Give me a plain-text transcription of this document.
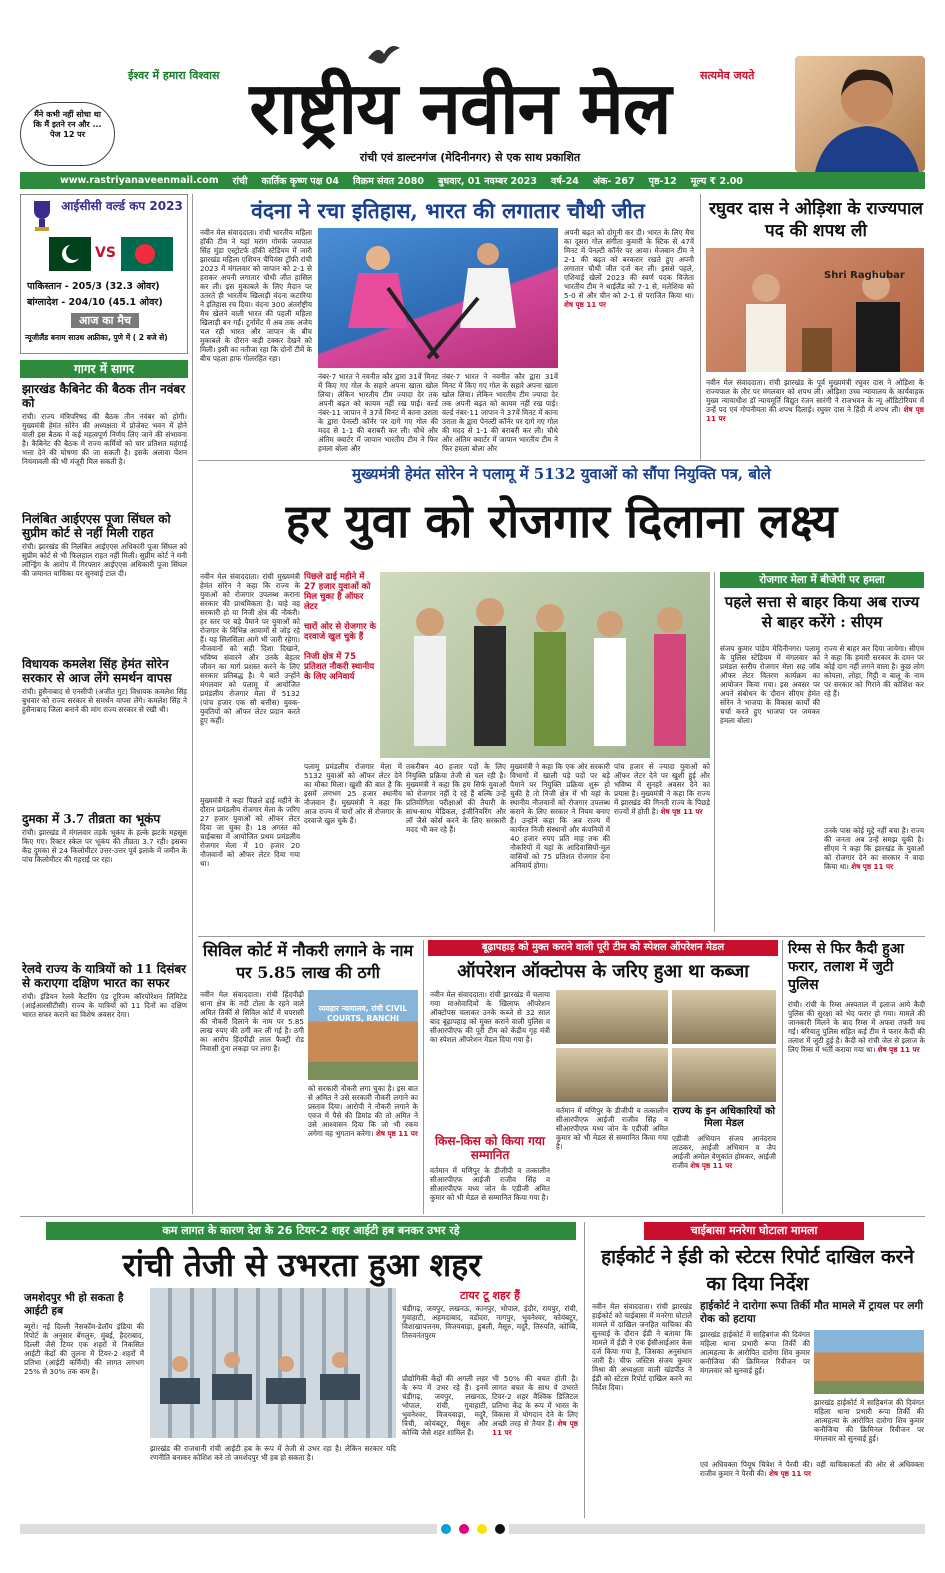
मैंने कभी नहीं सोचा था कि मैं इतने रन और ... पेज 12 पर
ईश्वर में हमारा विश्वास	सत्यमेव जयते
राष्ट्रीय नवीन मेल
रांची एवं डाल्टनगंज (मेदिनीनगर) से एक साथ प्रकाशित
www.rastriyanaveenmail.com रांची कार्तिक कृष्ण पक्ष 04 विक्रम संवत 2080 बुधवार, 01 नवम्बर 2023 वर्ष-24 अंक- 267 पृष्ठ-12 मूल्य ₹ 2.00
आईसीसी वर्ल्ड कप 2023
VS
पाकिस्तान - 205/3 (32.3 ओवर)
बांग्लादेश - 204/10 (45.1 ओवर)
आज का मैच
न्यूजीलैंड बनाम साउथ अफ्रीका, पुणे में ( 2 बजे से)
गागर में सागर
झारखंड कैबिनेट की बैठक तीन नवंबर को
रांची। राज्य मंत्रिपरिषद की बैठक तीन नवंबर को होगी। मुख्यमंत्री हेमंत सोरेन की अध्यक्षता में प्रोजेक्ट भवन में होने वाली इस बैठक में कई महत्वपूर्ण निर्णय लिए जाने की संभावना है। कैबिनेट की बैठक में राज्य कर्मियों को चार प्रतिशत महंगाई भत्ता देने की घोषणा की जा सकती है। इसके अलावा पेंशन नियमावली की भी मंजूरी मिल सकती है।
निलंबित आईएएस पूजा सिंघल को सुप्रीम कोर्ट से नहीं मिली राहत
रांची। झारखंड की निलंबित आईएएस अधिकारी पूजा सिंघल को सुप्रीम कोर्ट से भी फिलहाल राहत नहीं मिली। सुप्रीम कोर्ट ने मनी लॉन्ड्रिंग के आरोप में गिरफ्तार आईएएस अधिकारी पूजा सिंघल की जमानत याचिका पर सुनवाई टाल दी।
विधायक कमलेश सिंह हेमंत सोरेन सरकार से आज लेंगे समर्थन वापस
रांची। हुसैनाबाद से एनसीपी (अजीत गुट) विधायक कमलेश सिंह बुधवार को राज्य सरकार से समर्थन वापस लेंगे। कमलेश सिंह ने हुसैनाबाद जिला बनाने की मांग राज्य सरकार से रखी थी।
दुमका में 3.7 तीव्रता का भूकंप
रांची। झारखंड में मंगलवार तड़के भूकंप के हल्के झटके महसूस किए गए। रिक्टर स्केल पर भूकंप की तीव्रता 3.7 रही। इसका केंद्र दुमका से 24 किलोमीटर उत्तर-उत्तर पूर्व इलाके में जमीन के पांच किलोमीटर की गहराई पर रहा।
रेलवे राज्य के यात्रियों को 11 दिसंबर से कराएगा दक्षिण भारत का सफर
रांची। इंडियन रेलवे कैटरिंग एंड टूरिज्म कॉरपोरेशन लिमिटेड (आईआरसीटीसी) राज्य के यात्रियों को 11 दिनों का दक्षिण भारत सफर कराने का विशेष अवसर देगा।
वंदना ने रचा इतिहास, भारत की लगातार चौथी जीत
नवीन मेल संवाददाता। रांची भारतीय महिला हॉकी टीम ने यहां मरांग गोमके जयपाल सिंह मुंडा एस्ट्रोटर्फ हॉकी स्टेडियम में जारी झारखंड महिला एशियन चैंपियंस ट्रॉफी रांची 2023 में मंगलवार को जापान को 2-1 से हराकर अपनी लगातार चौथी जीत हासिल कर ली। इस मुकाबले के लिए मैदान पर उतरते ही भारतीय खिलाड़ी वंदना कटारिया ने इतिहास रच दिया। वंदना 300 अंतर्राष्ट्रीय मैच खेलने वाली भारत की पहली महिला खिलाड़ी बन गईं। टूर्नामेंट में अब तक अजेय चल रही भारत और जापान के बीच मुकाबले के दौरान कड़ी टक्कर देखने को मिली। इसी का नतीजा रहा कि दोनों टीमें के बीच पहला हाफ गोलरहित रहा।
नंबर-7 भारत ने नवनीत कौर द्वारा 31वें मिनट में किए गए गोल के सहारे अपना खाता खोल लिया। लेकिन भारतीय टीम ज्यादा देर तक अपनी बढ़त को कायम नहीं रख पाई। वर्ल्ड नंबर-11 जापान ने 37वें मिनट में काना उराता के द्वारा पेनल्टी कॉर्नर पर दागे गए गोल की मदद से 1-1 की बराबरी कर ली। चौथे और अंतिम क्वार्टर में जापान भारतीय टीम ने फिर हमला बोला और
नंबर-7 भारत ने नवनीत कौर द्वारा 31वें मिनट में किए गए गोल के सहारे अपना खाता खोल लिया। लेकिन भारतीय टीम ज्यादा देर तक अपनी बढ़त को कायम नहीं रख पाई। वर्ल्ड नंबर-11 जापान ने 37वें मिनट में काना उराता के द्वारा पेनल्टी कॉर्नर पर दागे गए गोल की मदद से 1-1 की बराबरी कर ली। चौथे और अंतिम क्वार्टर में जापान भारतीय टीम ने फिर हमला बोला और
अपनी बढ़त को दोगुनी कर दी। भारत के लिए मैच का दूसरा गोल संगीता कुमारी के स्टिक से 47वें मिनट में पेनल्टी कॉर्नर पर आया। मेजबान टीम ने 2-1 की बढ़त को बरकरार रखते हुए अपनी लगातार चौथी जीत दर्ज कर ली। इससे पहले, एशियाई खेलों 2023 की स्वर्ण पदक विजेता भारतीय टीम ने थाईलैंड को 7-1 से, मलेशिया को 5-0 से और चीन को 2-1 से पराजित किया था। शेष पृष्ठ 11 पर
रघुवर दास ने ओड़िशा के राज्यपाल पद की शपथ ली
Shri Raghubar
नवीन मेल संवाददाता। रांची झारखंड के पूर्व मुख्यमंत्री रघुवर दास ने ओड़िशा के राज्यपाल के तौर पर मंगलवार को शपथ ली। ओड़िशा उच्च न्यायालय के कार्यवाहक मुख्य न्यायाधीश डॉ न्यायमूर्ति विद्युत रंजन सारंगी ने राजभवन के न्यू ऑडिटोरियम में उन्हें पद एवं गोपनीयता की शपथ दिलाई। रघुवर दास ने हिंदी में शपथ ली। शेष पृष्ठ 11 पर
मुख्यमंत्री हेमंत सोरेन ने पलामू में 5132 युवाओं को सौंपा नियुक्ति पत्र, बोले
हर युवा को रोजगार दिलाना लक्ष्य
नवीन मेल संवाददाता। रांची मुख्यमंत्री हेमंत सोरेन ने कहा कि राज्य के युवाओं को रोजगार उपलब्ध कराना सरकार की प्राथमिकता है। चाहे वह सरकारी हो या निजी क्षेत्र की नौकरी। हर स्तर पर बड़े पैमाने पर युवाओं को रोजगार के विभिन्न आयामों से जोड़ रहे हैं। यह सिलसिला आगे भी जारी रहेगा। नौजवानों को सही दिशा दिखाने, भविष्य संवारने और उनके बेहतर जीवन का मार्ग प्रशस्त करने के लिए सरकार प्रतिबद्ध है। ये बातें उन्होंने मंगलवार को पलामू में आयोजित प्रमंडलीय रोजगार मेला में 5132 (पांच हजार एक सौ बत्तीस) युवक-युवतियों को ऑफर लेटर प्रदान करते हुए कहीं।
पिछले ढाई महीने में 27 हजार युवाओं को मिल चुका है ऑफर लेटर
चारों ओर से रोजगार के दरवाजे खुल चुके हैं
निजी क्षेत्र में 75 प्रतिशत नौकरी स्थानीय के लिए अनिवार्य
मुख्यमंत्री ने कहा पिछले ढाई महीने के दौरान प्रमंडलीय रोजगार मेला के जरिए 27 हजार युवाओं को ऑफर लेटर दिया जा चुका है। 18 अगस्त को चाईबासा में आयोजित प्रथम प्रमंडलीय रोजगार मेला में 10 हजार 20 नौजवानों को ऑफर लेटर दिया गया था।
पलामू प्रमंडलीय रोजगार मेला में 5132 युवाओं को ऑफर लेटर देने का मौका मिला। खुशी की बात है कि इसमें लगभग 25 हजार स्थानीय नौजवान हैं। मुख्यमंत्री ने कहा कि आज राज्य में चारों ओर से रोजगार के दरवाजे खुल चुके हैं।
तकरीबन 40 हजार पदों के लिए नियुक्ति प्रक्रिया तेजी से चल रही है। मुख्यमंत्री ने कहा कि हम सिर्फ युवाओं को रोजगार नहीं दे रहे हैं बल्कि उन्हें प्रतियोगिता परीक्षाओं की तैयारी के साथ-साथ मेडिकल, इंजीनियरिंग और लॉ जैसे कोर्स करने के लिए सरकारी मदद भी कर रहे हैं।
मुख्यमंत्री ने कहा कि एक ओर सरकारी विभागों में खाली पड़े पदों पर बड़े पैमाने पर नियुक्ति प्रक्रिया शुरू हो चुकी है तो निजी क्षेत्र में भी यहां के स्थानीय नौजवानों को रोजगार उपलब्ध कराने के लिए सरकार ने नियम बनाए हैं। उन्होंने कहा कि अब राज्य में कार्यरत निजी संस्थानों और कंपनियों में 40 हजार रुपए प्रति माह तक की नौकरियों में यहां के आदिवासियों-मूल वासियों को 75 प्रतिशत रोजगार देना अनिवार्य होगा।
पांच हजार से ज्यादा युवाओं को ऑफर लेटर देने पर खुशी हुई और भविष्य में सुनहरे अवसर देने का प्रयास है। मुख्यमंत्री ने कहा कि राज्य में झारखंड की गिनती राज्य के पिछड़े राज्यों में होती है। शेष पृष्ठ 11 पर
रोजगार मेला में बीजेपी पर हमला
पहले सत्ता से बाहर किया अब राज्य से बाहर करेंगे : सीएम
संजय कुमार पांडेय मेदिनीनगर। पलामू के पुलिस स्टेडियम में मंगलवार को प्रमंडल स्तरीय रोजगार मेला सह जॉब ऑफर लेटर वितरण कार्यक्रम का आयोजन किया गया। इस अवसर पर अपने संबोधन के दौरान सीएम हेमंत सोरेन ने भाजपा के विकास कार्यों की चर्चा करते हुए भाजपा पर जमकर हमला बोला।
राज्य से बाहर कर दिया जायेगा। सीएम ने कहा कि हमारी सरकार के दमन पर कोई दाग नहीं लगने वाला है। कुछ लोग कोयला, लोहा, गिट्टी व बालू के नाम पर सरकार को गिराने की कोशिश कर रहे हैं।
उनके पास कोई मुद्दे नहीं बचा है। राज्य की जनता अब उन्हें समझ चुकी है। सीएम ने कहा कि झारखंड के युवाओं को रोजगार देने का सरकार ने वादा किया था। शेष पृष्ठ 11 पर
सिविल कोर्ट में नौकरी लगाने के नाम पर 5.85 लाख की ठगी
नवीन मेल संवाददाता। रांची हिंदपीढ़ी थाना क्षेत्र के नदी टोला के रहने वाले अमित तिर्की से सिविल कोर्ट में चपरासी की नौकरी दिलाने के नाम पर 5.85 लाख रुपए की ठगी कर ली गई है। ठगी का आरोप हिंदपीढ़ी लाल फैक्ट्री रोड निवासी दुना लकड़ा पर लगा है।
व्यवहार न्यायालय, रांची CIVIL COURTS, RANCHI
को सरकारी नौकरी लगा चुका है। इस बात से अमित ने उसे सरकारी नौकरी लगाने का प्रस्ताव दिया। आरोपी ने नौकरी लगाने के एवज में पैसे की डिमांड की तो अमित ने उसे आश्वासन दिया कि जो भी रकम लगेगा वह भुगतान करेगा। शेष पृष्ठ 11 पर
बूढ़ापहाड़ को मुक्त कराने वाली पूरी टीम को स्पेशल ऑपरेशन मेडल
ऑपरेशन ऑक्टोपस के जरिए हुआ था कब्जा
नवीन मेल संवाददाता। रांची झारखंड में चलाया गया माओवादियों के खिलाफ ऑपरेशन ऑक्टोपस चलाकर उनके कब्जे से 32 साल बाद बूढ़ापहाड़ को मुक्त कराने वाली पुलिस व सीआरपीएफ की पूरी टीम को केंद्रीय गृह मंत्री का स्पेशल ऑपरेशन मेडल दिया गया है।
किस-किस को किया गया सम्मानित
वर्तमान में मणिपुर के डीजीपी व तत्कालीन सीआरपीएफ आईजी राजीव सिंह व सीआरपीएफ मध्य जोन के एडीजी अमित कुमार को भी मेडल से सम्मानित किया गया है।
राज्य के इन अधिकारियों को मिला मेडल
वर्तमान में मणिपुर के डीजीपी व तत्कालीन सीआरपीएफ आईजी राजीव सिंह व सीआरपीएफ मध्य जोन के एडीजी अमित कुमार को भी मेडल से सम्मानित किया गया है।
एडीजी अभियान संजय आनंदराव लाठकर, आईजी अभियान व जैप आईजी अमोल वेणुकांत होमकर, आईजी राजीव शेष पृष्ठ 11 पर
रिम्स से फिर कैदी हुआ फरार, तलाश में जुटी पुलिस
रांची। रांची के रिम्स अस्पताल में इलाज आये कैदी पुलिस की सुरक्षा को भेद फरार हो गया। मामले की जानकारी मिलने के बाद रिम्स में अफरा तफरी मच गई। बरियातु पुलिस सहित कई टीम ने फरार कैदी की तलाश में जुटी हुई है। कैदी को रांची जेल से इलाज के लिए रिम्स में भर्ती कराया गया था। शेष पृष्ठ 11 पर
कम लागत के कारण देश के 26 टियर-2 शहर आईटी हब बनकर उभर रहे
रांची तेजी से उभरता हुआ शहर
जमशेदपुर भी हो सकता है आईटी हब
ब्यूरो। नई दिल्ली नैसकॉम-डेलॉय इंडिया की रिपोर्ट के अनुसार बेंगलुरु, मुंबई, हैदराबाद, दिल्ली जैसे टियर एक शहरों में निकसित आईटी केंद्रों की तुलना में टियर-2 शहरों में प्रतिभा (आईटी कर्मियों) की लागत लगभग 25% से 30% तक कम है।
टायर टू शहर हैं
चंडीगढ़, जयपुर, लखनऊ, कानपुर, भोपाल, इंदौर, रायपुर, रांची, गुवाहाटी, अहमदाबाद, वडोदरा, नागपुर, भुवनेश्वर, कोयंबटूर, विशाखापत्तनम, विजयवाड़ा, हुबली, मैसूरु, मदुरै, तिरुपति, कोच्चि, तिरुवनंतपुरम
प्रौद्योगिकी केंद्रों की अगली लहर के रूप में उभर रहे हैं। इनमें चंडीगढ़, जयपुर, लखनऊ, भोपाल, रांची, गुवाहाटी, भुवनेश्वर, विजयवाड़ा, मदुरै, त्रिची, कोयंबटूर, मैसूरु और कोच्चि जैसे शहर शामिल हैं।
भी 50% की बचत होती है। लागत बचत के साथ ये उभरते टियर-2 शहर वैश्विक डिजिटल प्रतिभा केंद्र के रूप में भारत के विकास में योगदान देने के लिए अच्छी तरह से तैयार हैं। शेष पृष्ठ 11 पर
झारखंड की राजधानी रांची आईटी हब के रूप में तेजी से उभर रहा है। लेकिन सरकार यदि रणनीति बनाकर कोशिश करे तो जमशेदपुर भी हब हो सकता है।
चाईबासा मनरेगा घोटाला मामला
हाईकोर्ट ने ईडी को स्टेटस रिपोर्ट दाखिल करने का दिया निर्देश
नवीन मेल संवाददाता। रांची झारखंड हाईकोर्ट को चाईबासा में मनरेगा घोटाले मामले में दाखिल जनहित याचिका की सुनवाई के दौरान ईडी ने बताया कि मामले में ईडी ने एक ईसीआईआर केस दर्ज किया गया है, जिसका अनुसंधान जारी है। चीफ जस्टिस संजय कुमार मिश्रा की अध्यक्षता वाली खंडपीठ ने ईडी को स्टेटस रिपोर्ट दाखिल करने का निर्देश दिया।
हाईकोर्ट ने दारोगा रूपा तिर्की मौत मामले में ट्रायल पर लगी रोक को हटाया
झारखंड हाईकोर्ट में साहिबगंज की दिवंगत महिला थाना प्रभारी रूपा तिर्की की आत्महत्या के आरोपित दारोगा शिव कुमार कनौजिया की क्रिमिनल रिवीजन पर मंगलवार को सुनवाई हुई।
झारखंड हाईकोर्ट में साहिबगंज की दिवंगत महिला थाना प्रभारी रूपा तिर्की की आत्महत्या के आरोपित दारोगा शिव कुमार कनौजिया की क्रिमिनल रिवीजन पर मंगलवार को सुनवाई हुई।
एवं अधिवक्ता पियूष चित्रेश ने पैरवी की। वहीं याचिकाकर्ता की ओर से अधिवक्ता राजीव कुमार ने पैरवी की। शेष पृष्ठ 11 पर
